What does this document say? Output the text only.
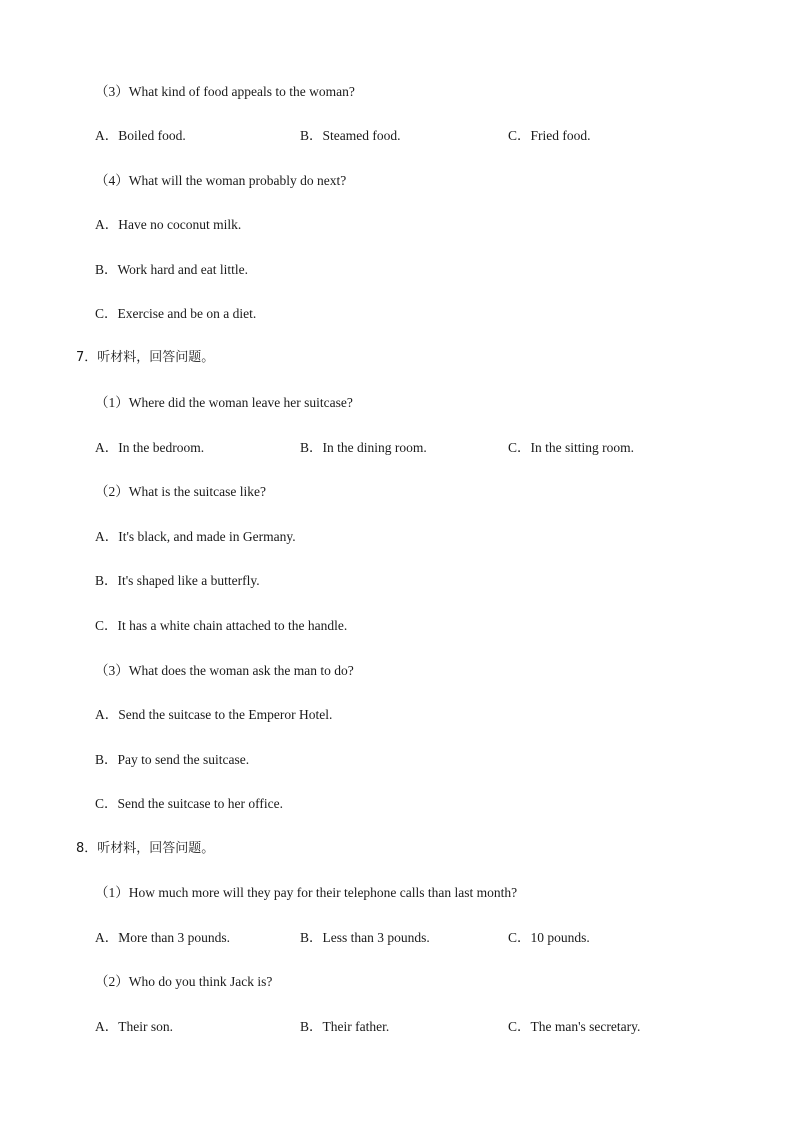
（3）What kind of food appeals to the woman?
A．Boiled food.	B．Steamed food.	C．Fried food.
（4）What will the woman probably do next?
A．Have no coconut milk.
B．Work hard and eat little.
C．Exercise and be on a diet.
7．听材料，回答问题。
（1）Where did the woman leave her suitcase?
A．In the bedroom.	B．In the dining room.	C．In the sitting room.
（2）What is the suitcase like?
A．It's black, and made in Germany.
B．It's shaped like a butterfly.
C．It has a white chain attached to the handle.
（3）What does the woman ask the man to do?
A．Send the suitcase to the Emperor Hotel.
B．Pay to send the suitcase.
C．Send the suitcase to her office.
8．听材料，回答问题。
（1）How much more will they pay for their telephone calls than last month?
A．More than 3 pounds.	B．Less than 3 pounds.	C．10 pounds.
（2）Who do you think Jack is?
A．Their son.	B．Their father.	C．The man's secretary.
